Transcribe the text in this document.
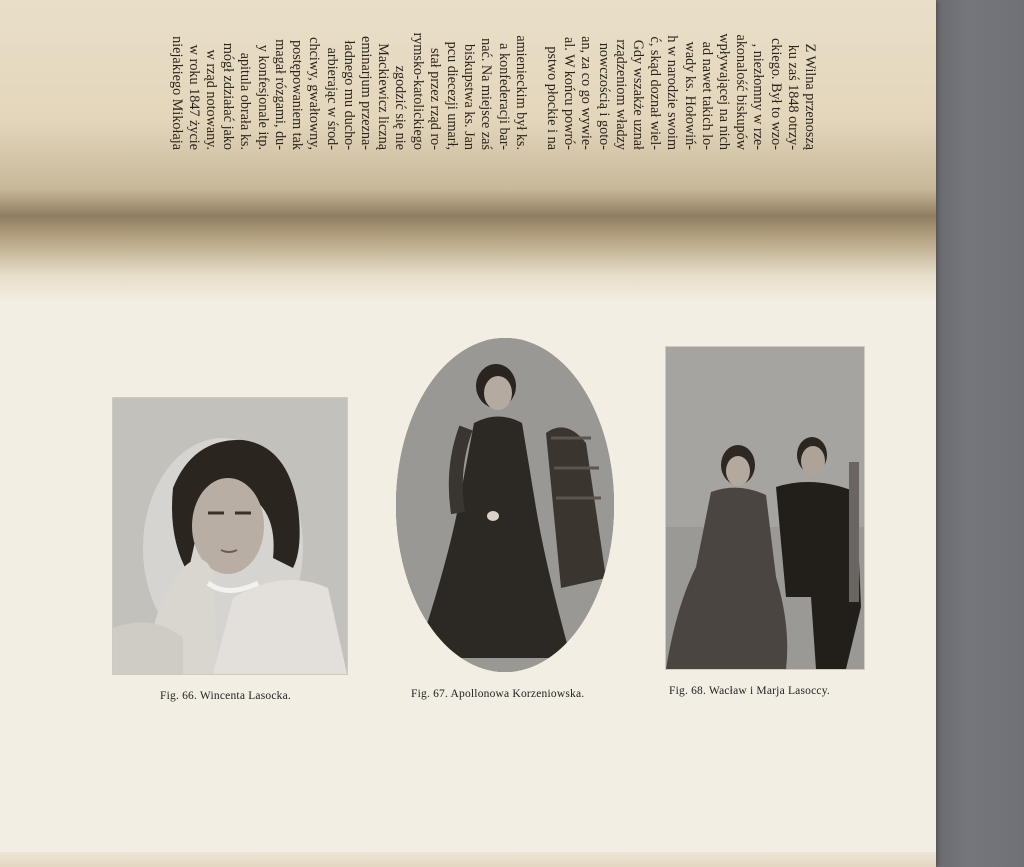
Z Wilna przenoszą
ku zaś 1848 otrzy-
ckiego. Był to wzo-
, niezłomny w rze-
akonalość biskupów
wpływającej na nich
ad nawet takich lo-
wady ks. Hołowiń-
h w narodzie swoim
ć, skąd doznał wiel-
Gdy wszakże uznał
rządzeniom władzy
nowczością i goto-
an, za co go wywie-
al. W końcu powró-
pstwo płockie i na
amienieckim był ks.
a konfederacji bar-
nać. Na miejsce zaś
biskupstwa ks. Jan
pcu diecezji umarł,
stał przez rząd ro-
rymsko-katolickiego
zgodzić się nie
Mackiewicz liczną
eminarjum przezna-
ładnego mu ducho-
arbierając w środ-
chciwy, gwałtowny,
postępowaniem tak
magał rózgami, du-
y konfesjonale itp.
apitula obrała ks.
mógł zdziałać jako
w rząd notowany.
w roku 1847 życie
niejakiego Mikołaja
Fig. 66. Wincenta Lasocka.	Fig. 67. Apollonowa Korzeniowska.	Fig. 68. Wacław i Marja Lasoccy.
